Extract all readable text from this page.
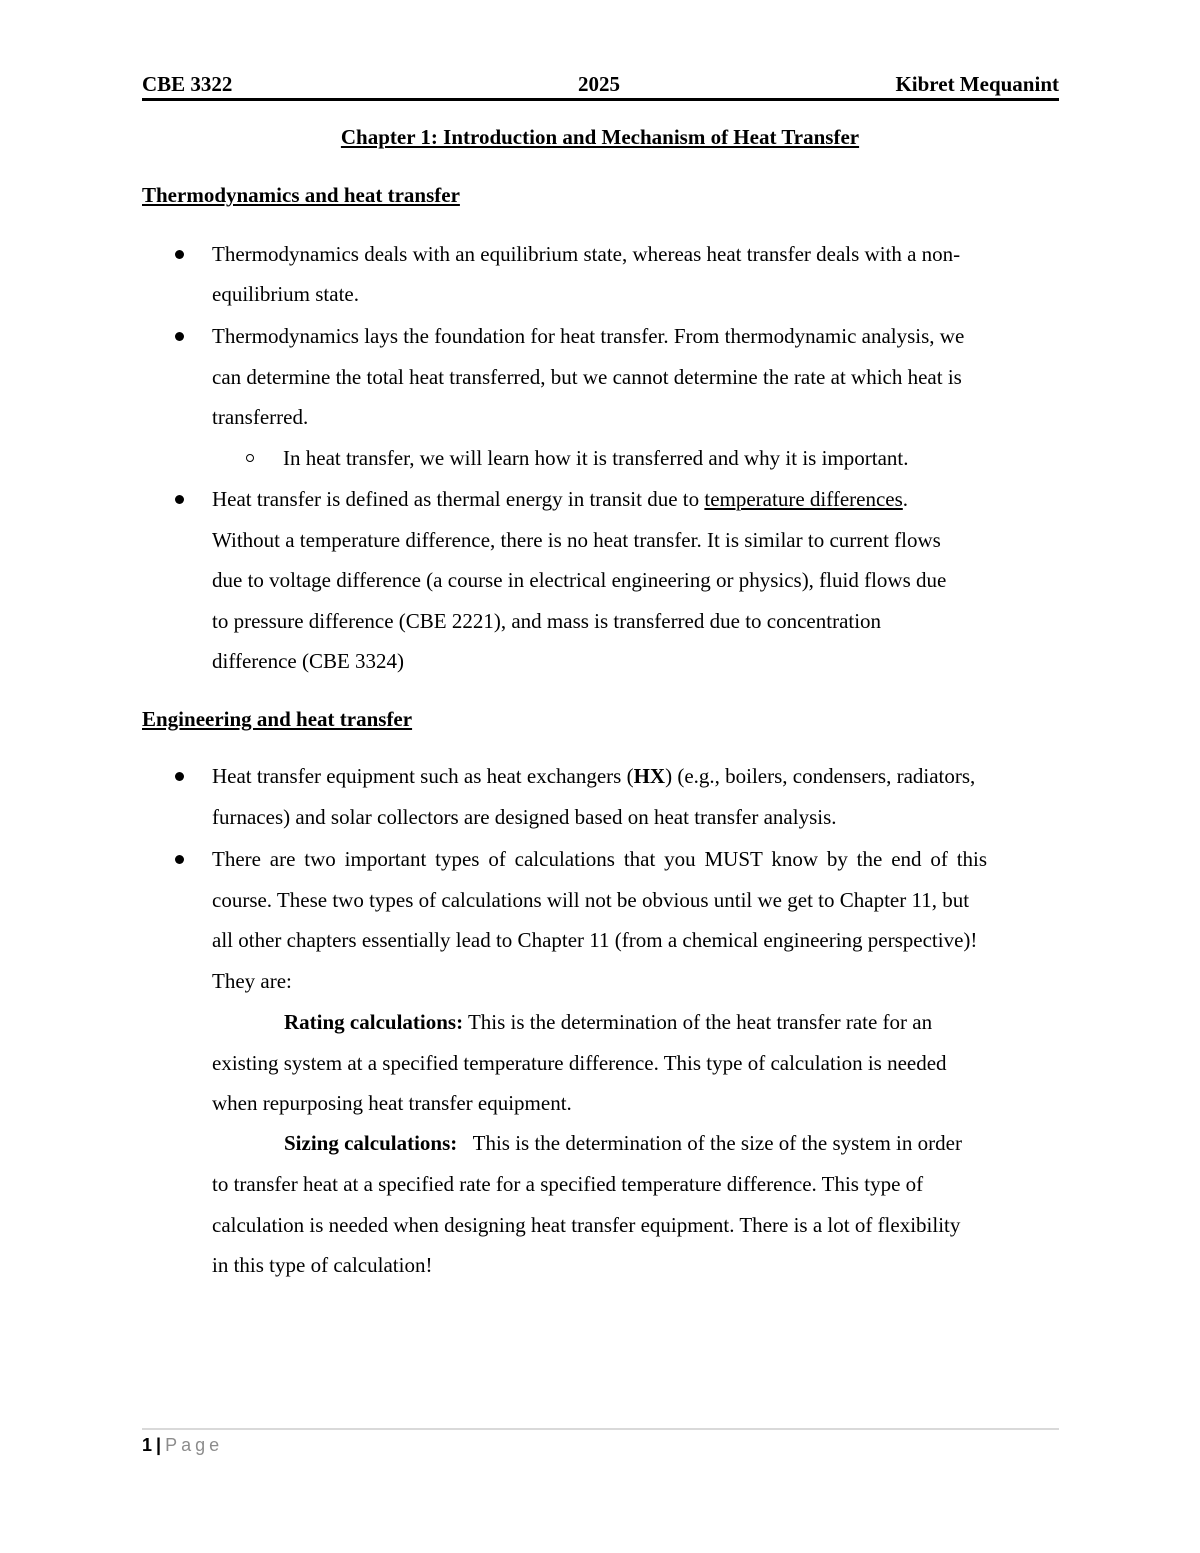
CBE 3322	2025	Kibret Mequanint
Chapter 1: Introduction and Mechanism of Heat Transfer
Thermodynamics and heat transfer
Thermodynamics deals with an equilibrium state, whereas heat transfer deals with a non-
equilibrium state.
Thermodynamics lays the foundation for heat transfer. From thermodynamic analysis, we
can determine the total heat transferred, but we cannot determine the rate at which heat is
transferred.
In heat transfer, we will learn how it is transferred and why it is important.
Heat transfer is defined as thermal energy in transit due to temperature differences.
Without a temperature difference, there is no heat transfer. It is similar to current flows
due to voltage difference (a course in electrical engineering or physics), fluid flows due
to pressure difference (CBE 2221), and mass is transferred due to concentration
difference (CBE 3324)
Engineering and heat transfer
Heat transfer equipment such as heat exchangers (HX) (e.g., boilers, condensers, radiators,
furnaces) and solar collectors are designed based on heat transfer analysis.
There are two important types of calculations that you MUST know by the end of this
course. These two types of calculations will not be obvious until we get to Chapter 11, but
all other chapters essentially lead to Chapter 11 (from a chemical engineering perspective)!
They are:
Rating calculations: This is the determination of the heat transfer rate for an
existing system at a specified temperature difference. This type of calculation is needed
when repurposing heat transfer equipment.
Sizing calculations:   This is the determination of the size of the system in order
to transfer heat at a specified rate for a specified temperature difference. This type of
calculation is needed when designing heat transfer equipment. There is a lot of flexibility
in this type of calculation!
1 | Page
